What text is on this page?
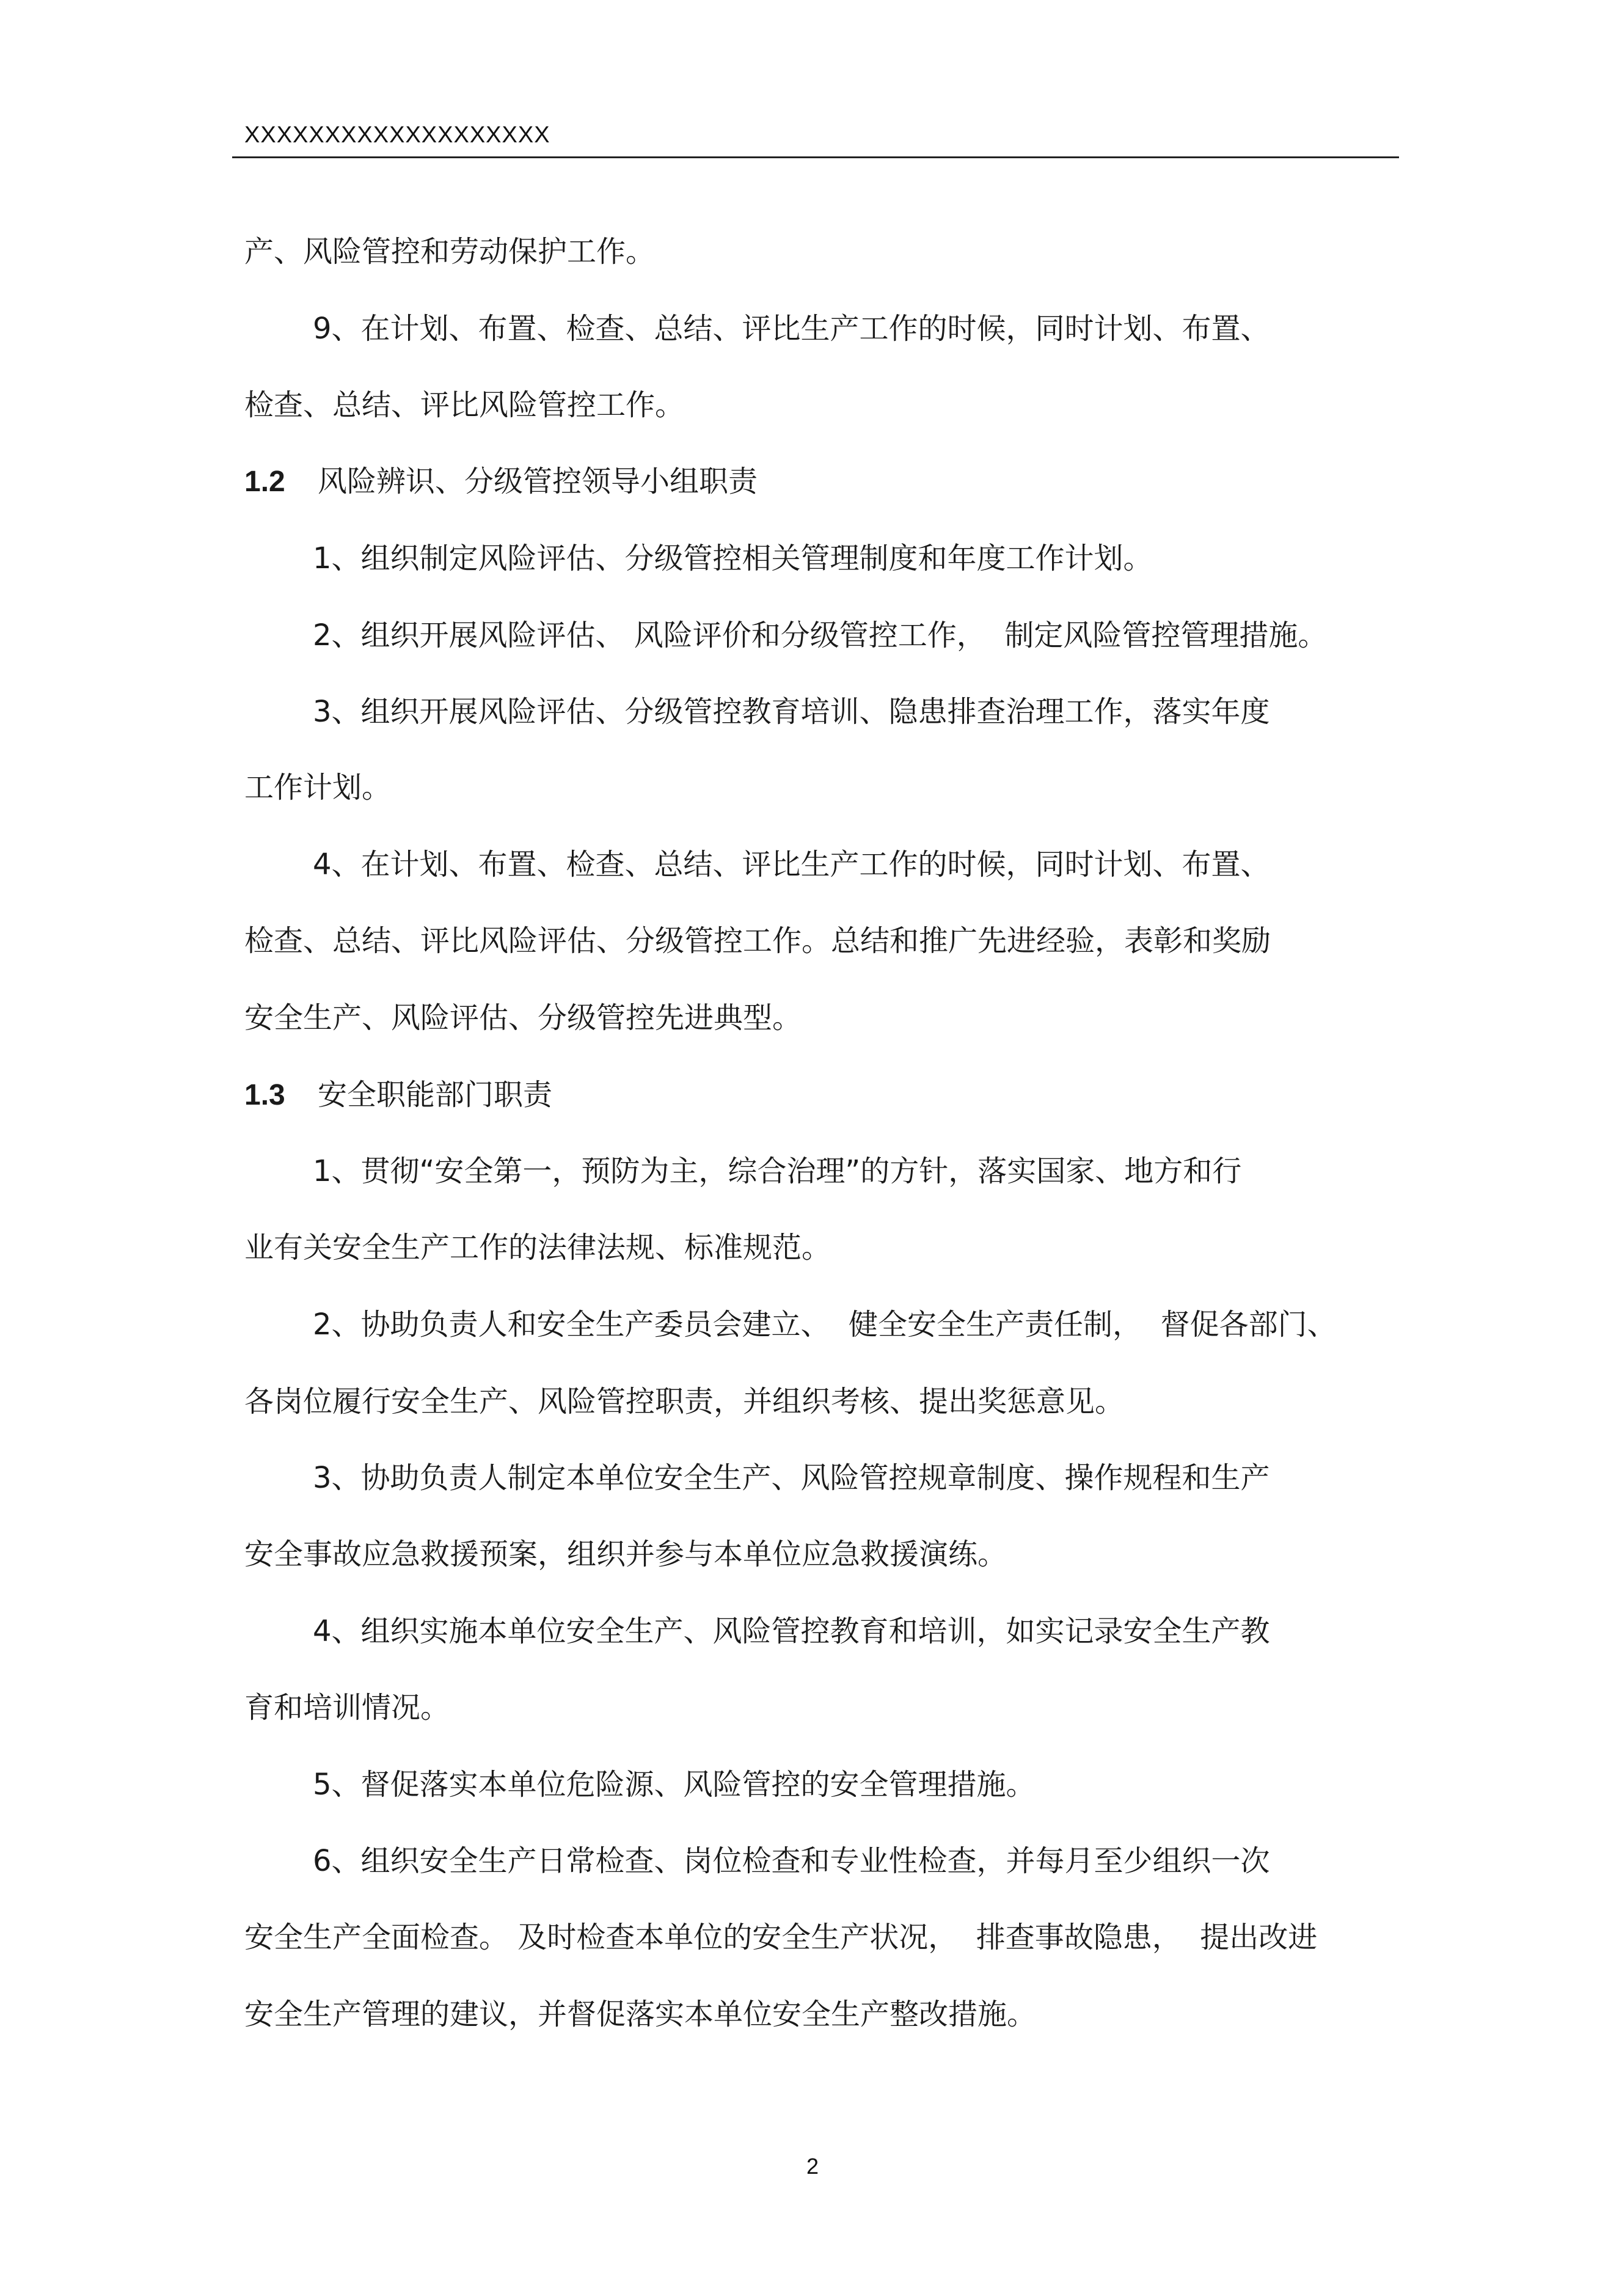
XXXXXXXXXXXXXXXXXXX
产、风险管控和劳动保护工作。
9、在计划、布置、检查、总结、评比生产工作的时候，同时计划、布置、
检查、总结、评比风险管控工作。
1.2 风险辨识、分级管控领导小组职责
1、组织制定风险评估、分级管控相关管理制度和年度工作计划。
2、组织开展风险评估、 风险评价和分级管控工作，  制定风险管控管理措施。
3、组织开展风险评估、分级管控教育培训、隐患排查治理工作，落实年度
工作计划。
4、在计划、布置、检查、总结、评比生产工作的时候，同时计划、布置、
检查、总结、评比风险评估、分级管控工作。总结和推广先进经验，表彰和奖励
安全生产、风险评估、分级管控先进典型。
1.3 安全职能部门职责
1、贯彻“安全第一，预防为主，综合治理”的方针，落实国家、地方和行
业有关安全生产工作的法律法规、标准规范。
2、协助负责人和安全生产委员会建立、  健全安全生产责任制，  督促各部门、
各岗位履行安全生产、风险管控职责，并组织考核、提出奖惩意见。
3、协助负责人制定本单位安全生产、风险管控规章制度、操作规程和生产
安全事故应急救援预案，组织并参与本单位应急救援演练。
4、组织实施本单位安全生产、风险管控教育和培训，如实记录安全生产教
育和培训情况。
5、督促落实本单位危险源、风险管控的安全管理措施。
6、组织安全生产日常检查、岗位检查和专业性检查，并每月至少组织一次
安全生产全面检查。 及时检查本单位的安全生产状况，  排查事故隐患，  提出改进
安全生产管理的建议，并督促落实本单位安全生产整改措施。
2
